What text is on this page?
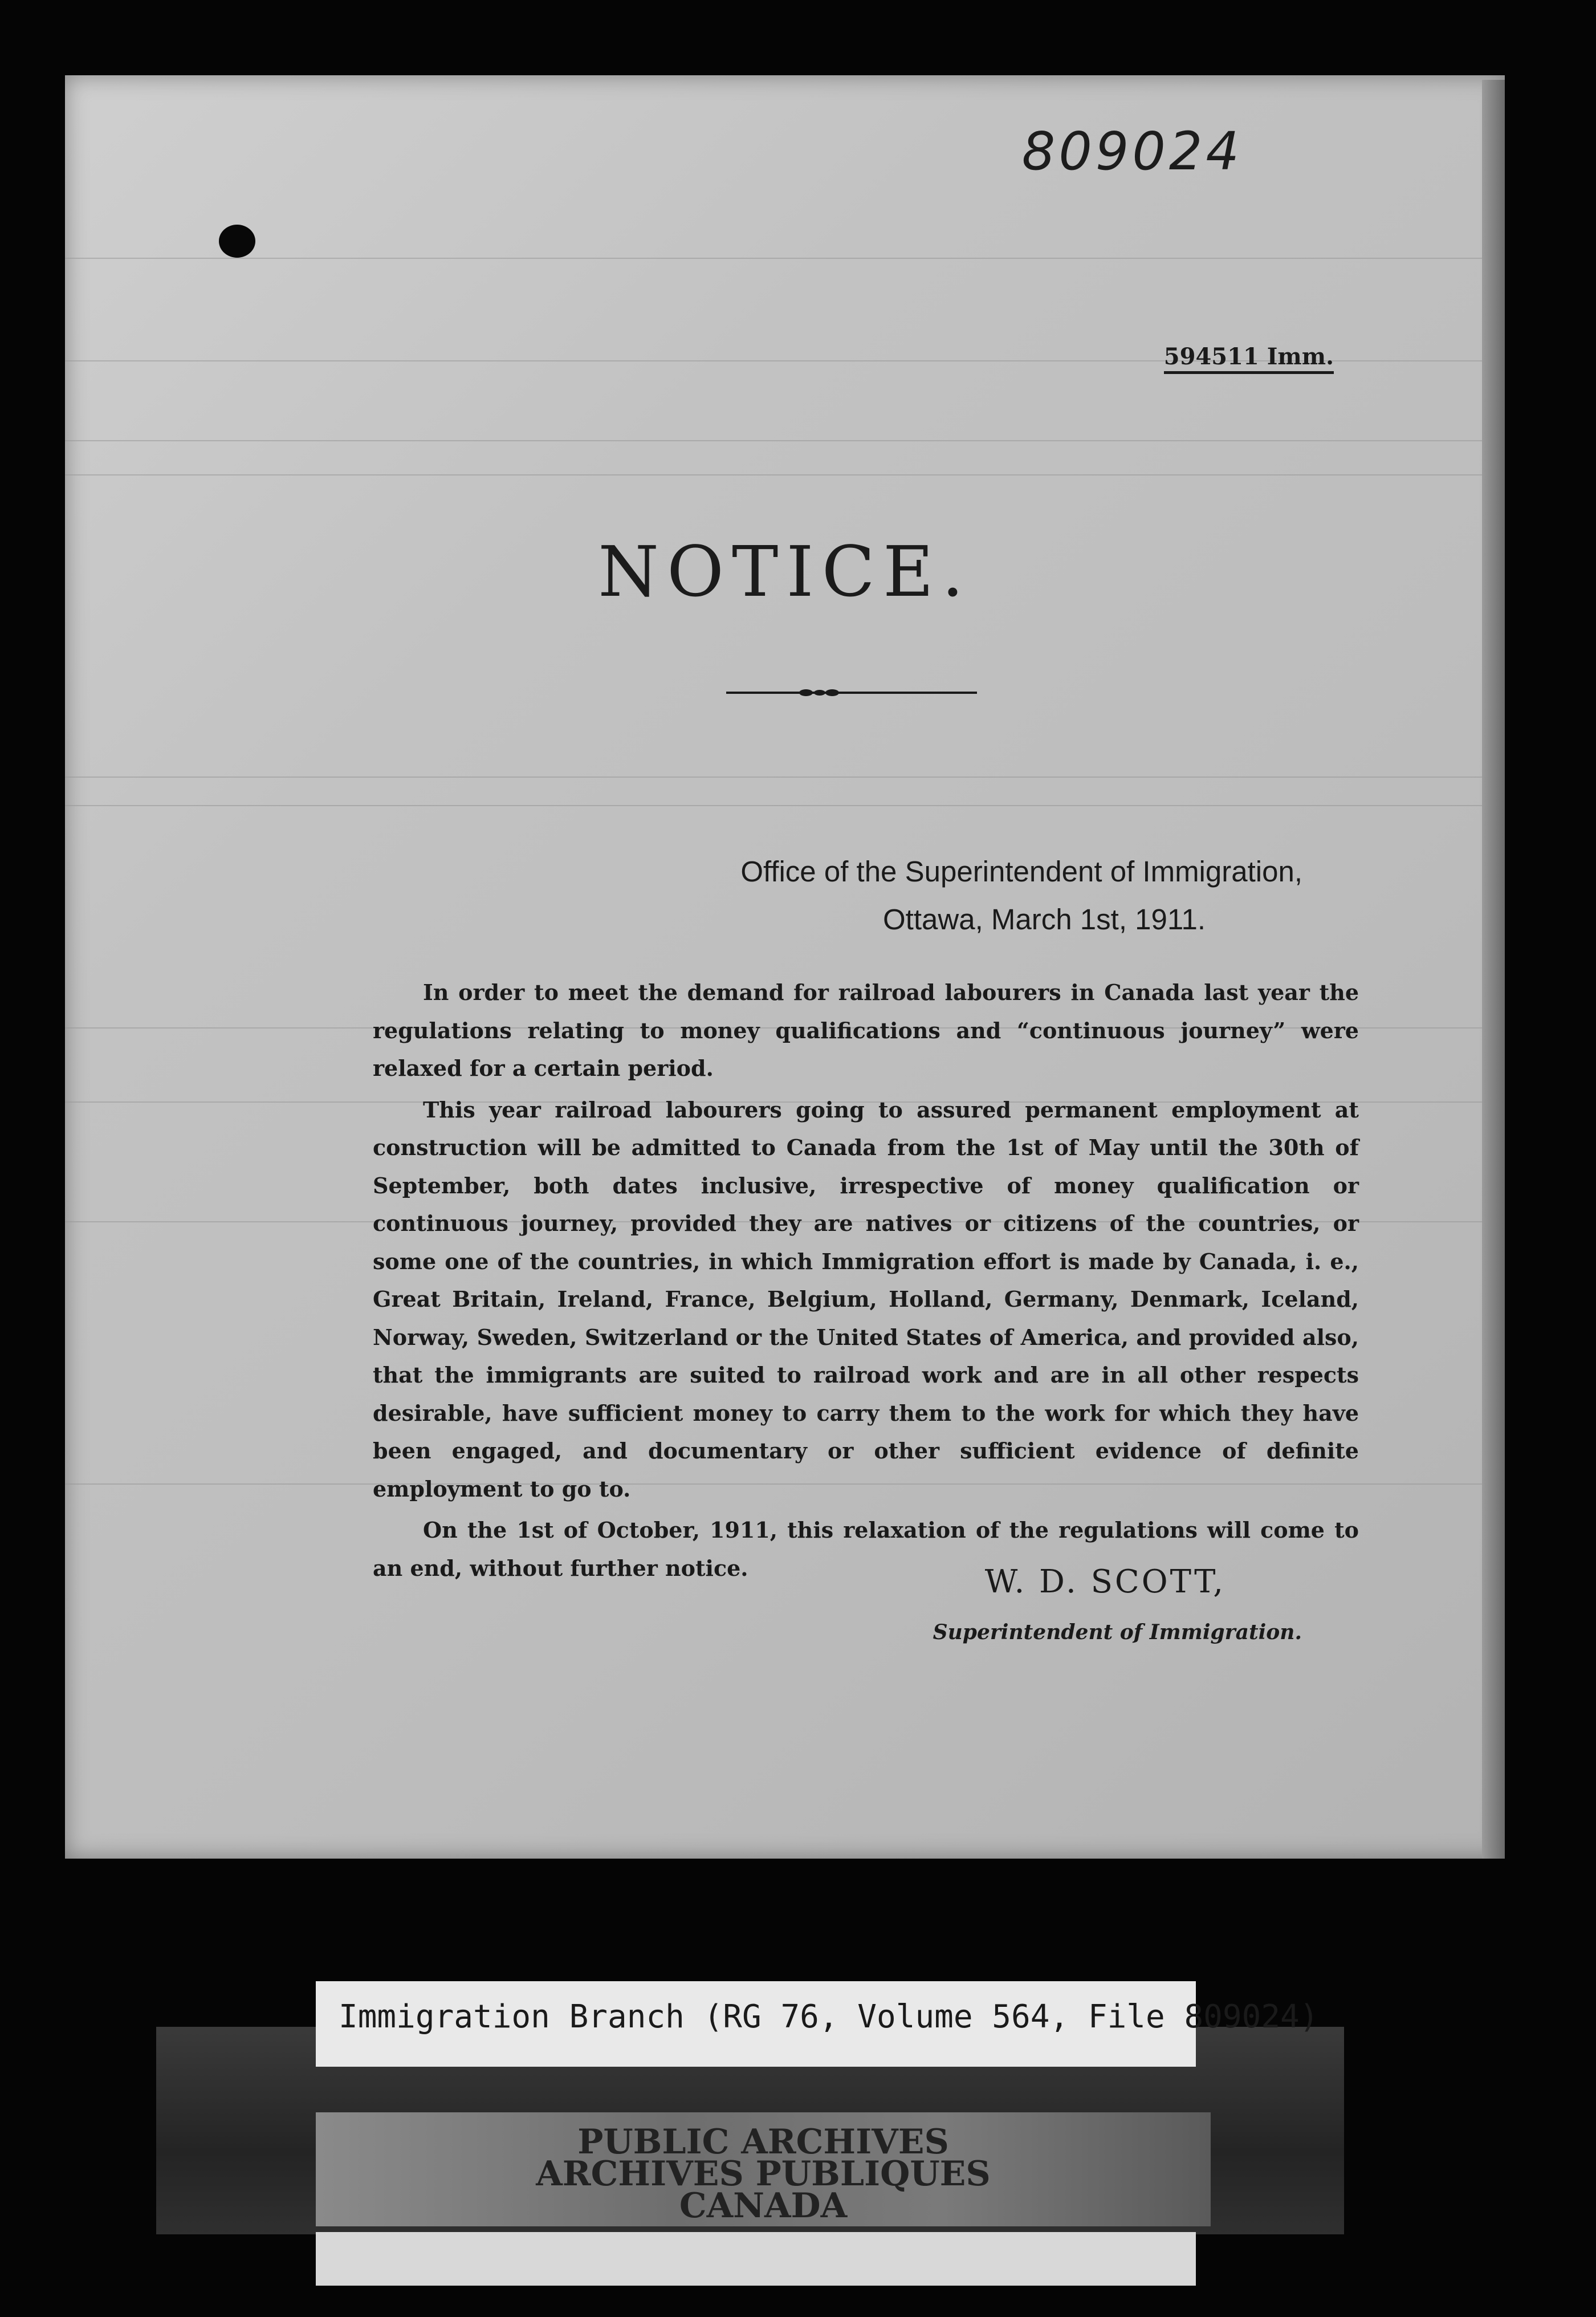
809024
594511 Imm.
NOTICE.
Office of the Superintendent of Immigration,
Ottawa, March 1st, 1911.

In order to meet the demand for railroad labourers in Canada last year the regulations relating to money qualifications and “continuous journey” were relaxed for a certain period.

This year railroad labourers going to assured permanent employment at construction will be admitted to Canada from the 1st of May until the 30th of September, both dates inclusive, irrespective of money qualification or continuous journey, provided they are natives or citizens of the countries, or some one of the countries, in which Immigration effort is made by Canada, i. e., Great Britain, Ireland, France, Belgium, Holland, Germany, Denmark, Iceland, Norway, Sweden, Switzerland or the United States of America, and provided also, that the immigrants are suited to railroad work and are in all other respects desirable, have sufficient money to carry them to the work for which they have been engaged, and documentary or other sufficient evidence of definite employment to go to.

On the 1st of October, 1911, this relaxation of the regulations will come to an end, without further notice.	W. D. SCOTT,
Superintendent of Immigration.
Immigration Branch (RG 76, Volume 564, File 809024)
PUBLIC ARCHIVES
ARCHIVES PUBLIQUES
CANADA
